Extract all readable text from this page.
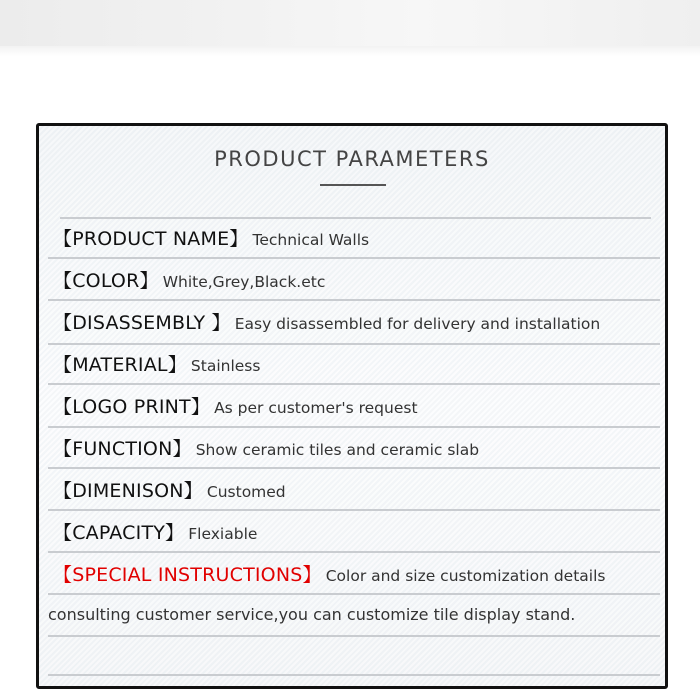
PRODUCT PARAMETERS
【PRODUCT NAME】 Technical Walls
【COLOR】 White,Grey,Black.etc
【DISASSEMBLY 】 Easy disassembled for delivery and installation
【MATERIAL】 Stainless
【LOGO PRINT】 As per customer's request
【FUNCTION】 Show ceramic tiles and ceramic slab
【DIMENISON】 Customed
【CAPACITY】 Flexiable
【SPECIAL INSTRUCTIONS】 Color and size customization details
consulting customer service,you can customize tile display stand.
